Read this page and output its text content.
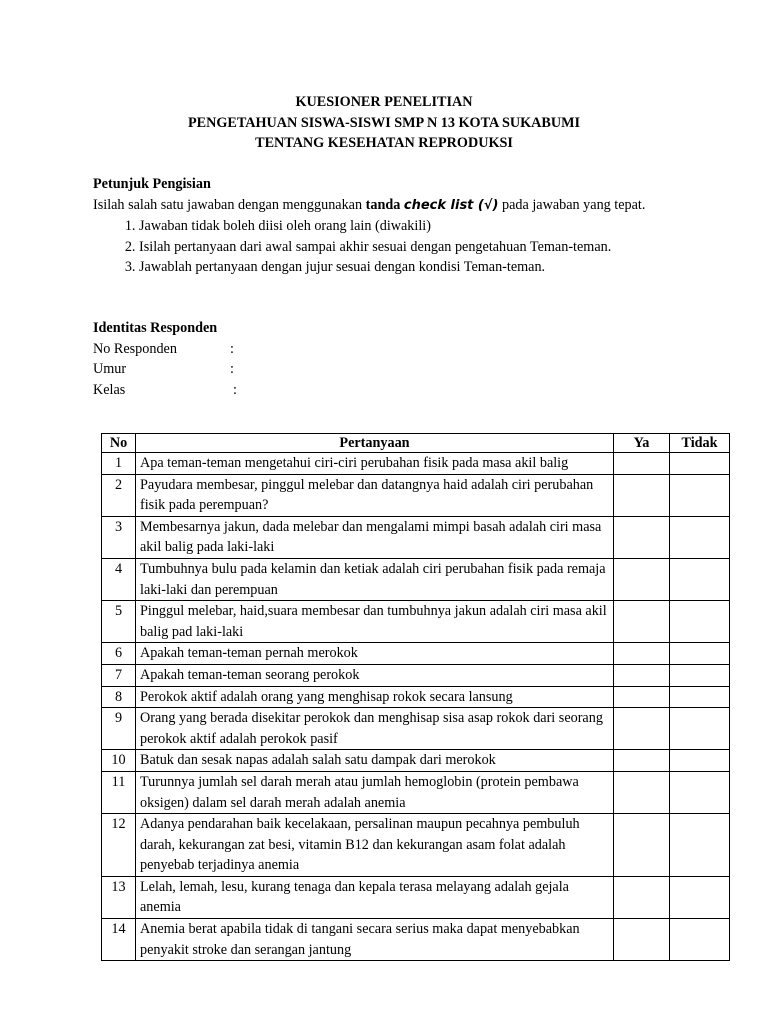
KUESIONER PENELITIAN
PENGETAHUAN SISWA-SISWI SMP N 13 KOTA SUKABUMI
TENTANG KESEHATAN REPRODUKSI
Petunjuk Pengisian
Isilah salah satu jawaban dengan menggunakan tanda check list (√) pada jawaban yang tepat.
1. Jawaban tidak boleh diisi oleh orang lain (diwakili)
2. Isilah pertanyaan dari awal sampai akhir sesuai dengan pengetahuan Teman-teman.
3. Jawablah pertanyaan dengan jujur sesuai dengan kondisi Teman-teman.
Identitas Responden
No Responden	:
Umur	:
Kelas	:
No	Pertanyaan	Ya	Tidak
1	Apa teman-teman mengetahui ciri-ciri perubahan fisik pada masa akil balig		
2	Payudara membesar, pinggul melebar dan datangnya haid adalah ciri perubahan fisik pada perempuan?		
3	Membesarnya jakun, dada melebar dan mengalami mimpi basah adalah ciri masa akil balig pada laki-laki		
4	Tumbuhnya bulu pada kelamin dan ketiak adalah ciri perubahan fisik pada remaja laki-laki dan perempuan		
5	Pinggul melebar, haid,suara membesar dan tumbuhnya jakun adalah ciri masa akil balig pad laki-laki		
6	Apakah teman-teman pernah merokok		
7	Apakah teman-teman seorang perokok		
8	Perokok aktif adalah orang yang menghisap rokok secara lansung		
9	Orang yang berada disekitar perokok dan menghisap sisa asap rokok dari seorang perokok aktif adalah perokok pasif		
10	Batuk dan sesak napas adalah salah satu dampak dari merokok		
11	Turunnya jumlah sel darah merah atau jumlah hemoglobin (protein pembawa oksigen) dalam sel darah merah adalah anemia		
12	Adanya pendarahan baik kecelakaan, persalinan maupun pecahnya pembuluh darah, kekurangan zat besi, vitamin B12 dan kekurangan asam folat adalah penyebab terjadinya anemia		
13	Lelah, lemah, lesu, kurang tenaga dan kepala terasa melayang adalah gejala anemia		
14	Anemia berat apabila tidak di tangani secara serius maka dapat menyebabkan penyakit stroke dan serangan jantung		
